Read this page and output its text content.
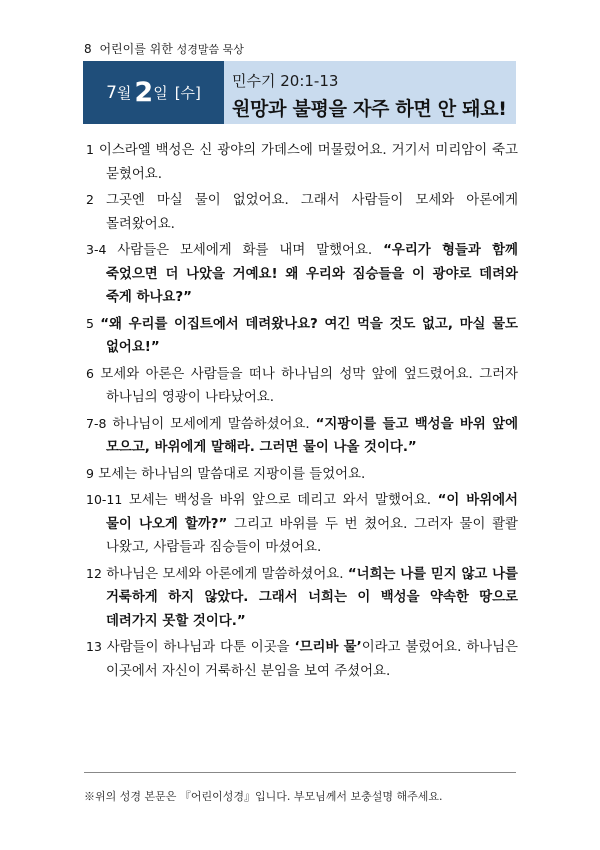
8 어린이를 위한 성경말씀 묵상
7 월 2 일 [수]
민수기 20:1-13
원망과 불평을 자주 하면 안 돼요!

1 이스라엘 백성은 신 광야의 가데스에 머물렀어요. 거기서 미리암이 죽고 묻혔어요.

2 그곳엔 마실 물이 없었어요. 그래서 사람들이 모세와 아론에게 몰려왔어요.

3-4 사람들은 모세에게 화를 내며 말했어요. “우리가 형들과 함께 죽었으면 더 나았을 거예요! 왜 우리와 짐승들을 이 광야로 데려와 죽게 하나요?”

5 “왜 우리를 이집트에서 데려왔나요? 여긴 먹을 것도 없고, 마실 물도 없어요!”

6 모세와 아론은 사람들을 떠나 하나님의 성막 앞에 엎드렸어요. 그러자 하나님의 영광이 나타났어요.

7-8 하나님이 모세에게 말씀하셨어요. “지팡이를 들고 백성을 바위 앞에 모으고, 바위에게 말해라. 그러면 물이 나올 것이다.”

9 모세는 하나님의 말씀대로 지팡이를 들었어요.

10-11 모세는 백성을 바위 앞으로 데리고 와서 말했어요. “이 바위에서 물이 나오게 할까?” 그리고 바위를 두 번 쳤어요. 그러자 물이 콸콸 나왔고, 사람들과 짐승들이 마셨어요.

12 하나님은 모세와 아론에게 말씀하셨어요. “너희는 나를 믿지 않고 나를 거룩하게 하지 않았다. 그래서 너희는 이 백성을 약속한 땅으로 데려가지 못할 것이다.”

13 사람들이 하나님과 다툰 이곳을 ‘므리바 물’이라고 불렀어요. 하나님은 이곳에서 자신이 거룩하신 분임을 보여 주셨어요.

※위의 성경 본문은 『어린이성경』입니다. 부모님께서 보충설명 해주세요.
